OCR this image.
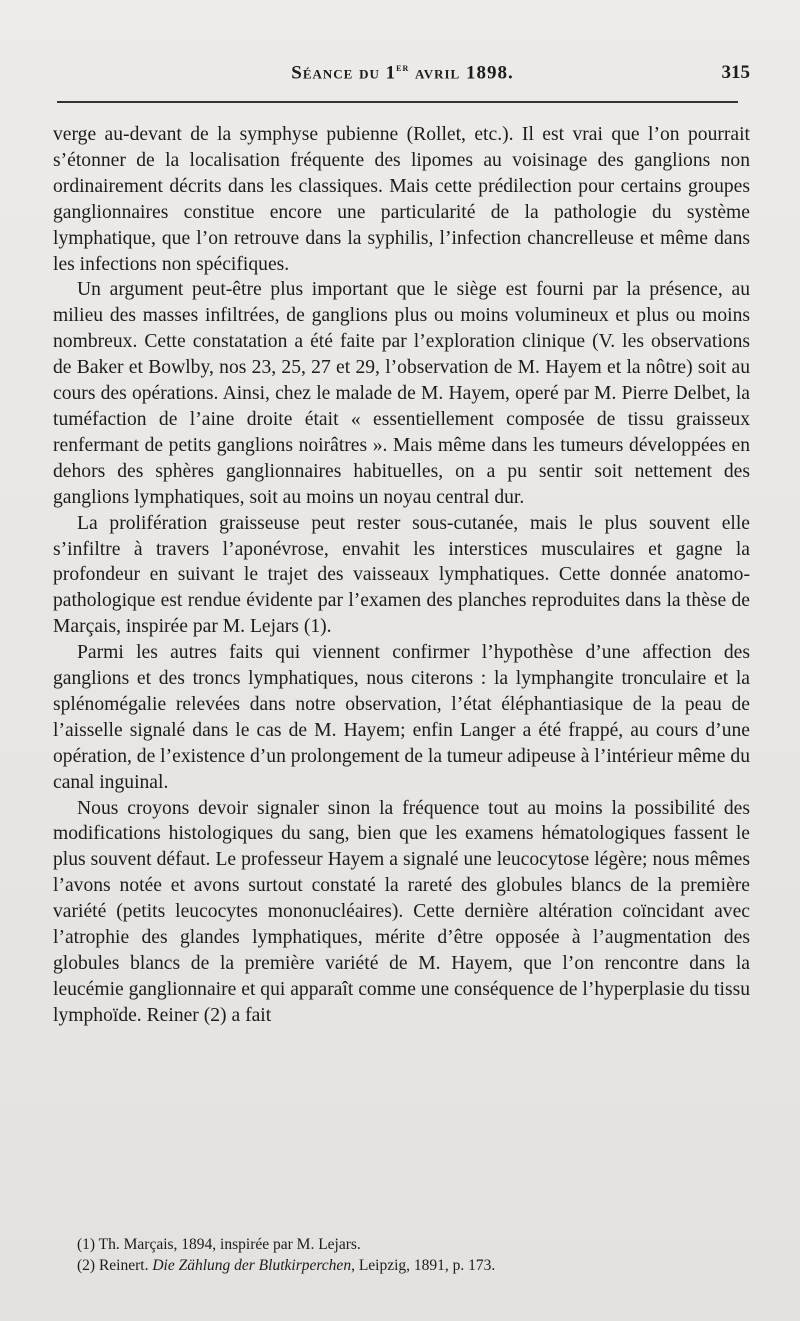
Séance du 1er avril 1898.	315

verge au-devant de la symphyse pubienne (Rollet, etc.). Il est vrai que l’on pourrait s’étonner de la localisation fréquente des lipomes au voisinage des ganglions non ordinairement décrits dans les classiques. Mais cette prédilection pour certains groupes ganglionnaires constitue encore une particularité de la pathologie du système lymphatique, que l’on retrouve dans la syphilis, l’infection chancrelleuse et même dans les infections non spécifiques.

Un argument peut-être plus important que le siège est fourni par la présence, au milieu des masses infiltrées, de ganglions plus ou moins volumineux et plus ou moins nombreux. Cette constatation a été faite par l’exploration clinique (V. les observations de Baker et Bowlby, nos 23, 25, 27 et 29, l’observation de M. Hayem et la nôtre) soit au cours des opérations. Ainsi, chez le malade de M. Hayem, operé par M. Pierre Delbet, la tuméfaction de l’aine droite était « essentiellement composée de tissu graisseux renfermant de petits ganglions noirâtres ». Mais même dans les tumeurs développées en dehors des sphères ganglionnaires habituelles, on a pu sentir soit nettement des ganglions lymphatiques, soit au moins un noyau central dur.

La prolifération graisseuse peut rester sous-cutanée, mais le plus souvent elle s’infiltre à travers l’aponévrose, envahit les interstices musculaires et gagne la profondeur en suivant le trajet des vaisseaux lymphatiques. Cette donnée anatomo-pathologique est rendue évidente par l’examen des planches reproduites dans la thèse de Marçais, inspirée par M. Lejars (1).

Parmi les autres faits qui viennent confirmer l’hypothèse d’une affection des ganglions et des troncs lymphatiques, nous citerons : la lymphangite tronculaire et la splénomégalie relevées dans notre observation, l’état éléphantiasique de la peau de l’aisselle signalé dans le cas de M. Hayem; enfin Langer a été frappé, au cours d’une opération, de l’existence d’un prolongement de la tumeur adipeuse à l’intérieur même du canal inguinal.

Nous croyons devoir signaler sinon la fréquence tout au moins la possibilité des modifications histologiques du sang, bien que les examens hématologiques fassent le plus souvent défaut. Le professeur Hayem a signalé une leucocytose légère; nous mêmes l’avons notée et avons surtout constaté la rareté des globules blancs de la première variété (petits leucocytes mononucléaires). Cette dernière altération coïncidant avec l’atrophie des glandes lymphatiques, mérite d’être opposée à l’augmentation des globules blancs de la première variété de M. Hayem, que l’on rencontre dans la leucémie ganglionnaire et qui apparaît comme une conséquence de l’hyperplasie du tissu lymphoïde. Reiner (2) a fait

(1) Th. Marçais, 1894, inspirée par M. Lejars.
(2) Reinert. Die Zählung der Blutkirperchen, Leipzig, 1891, p. 173.
